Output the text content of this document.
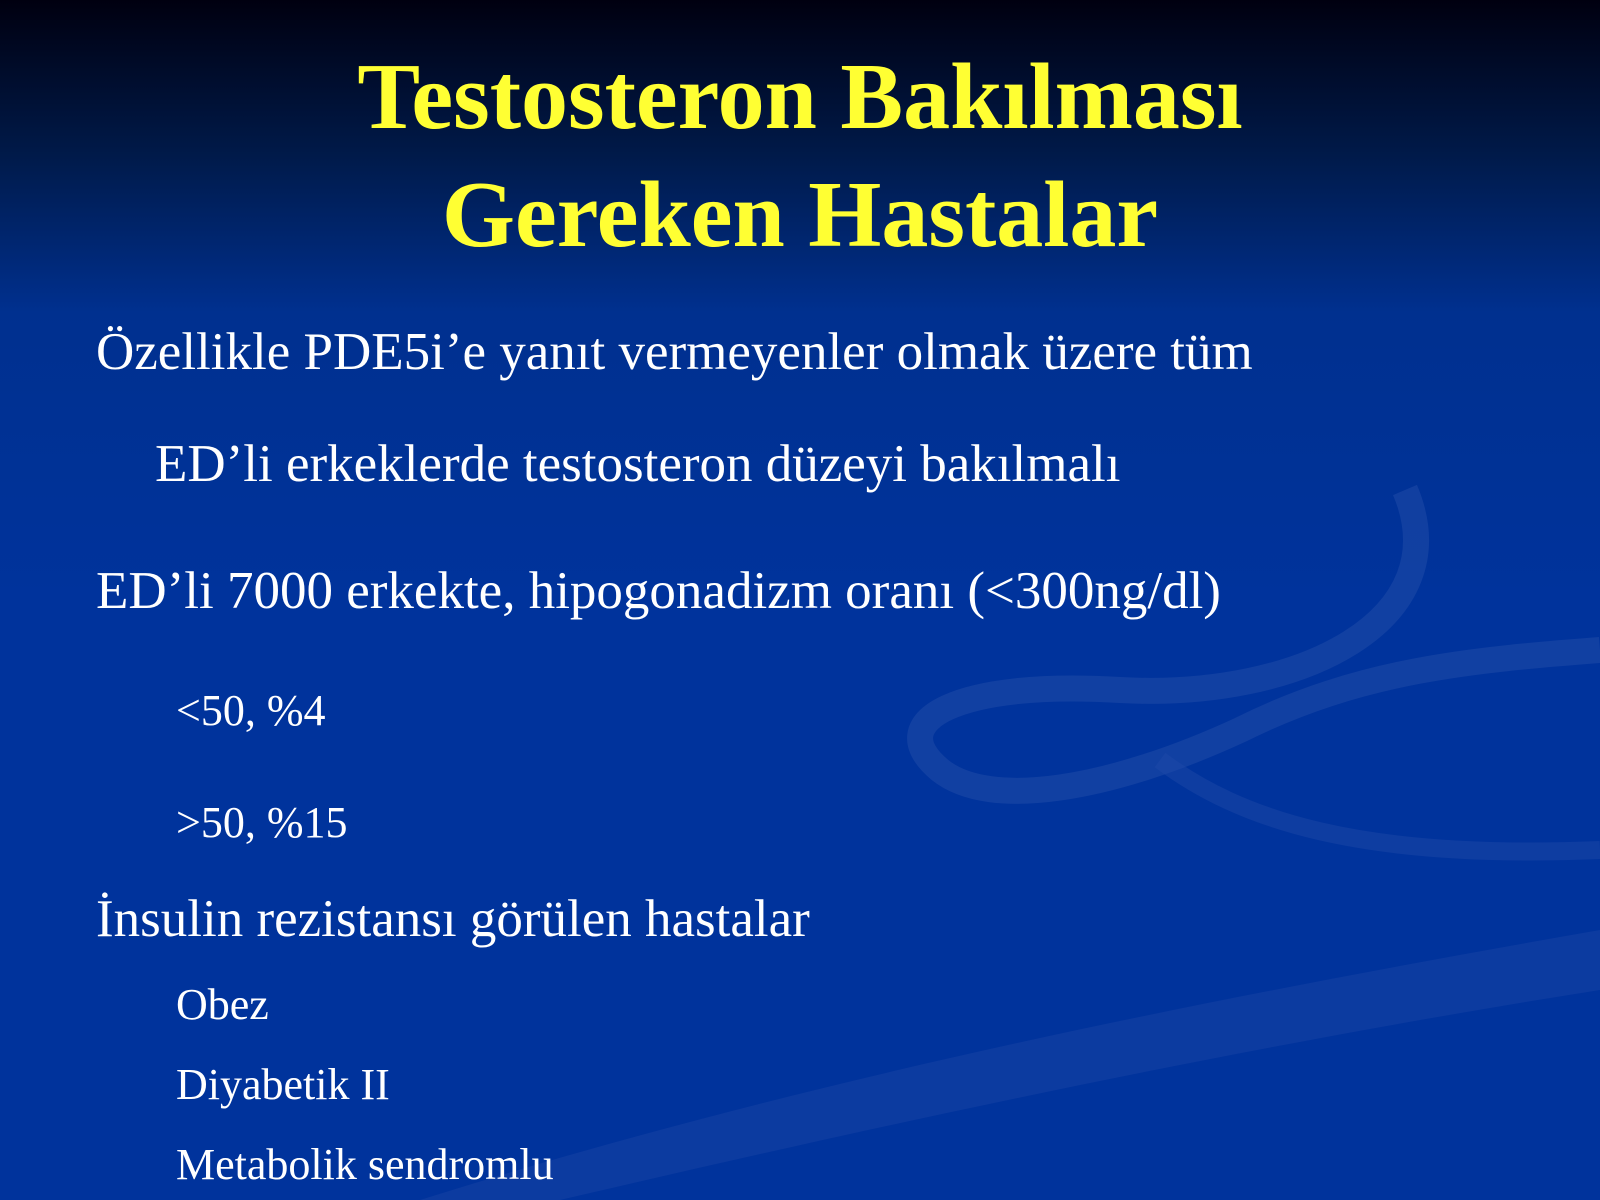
Testosteron Bakılması
Gereken Hastalar
Özellikle PDE5i’e yanıt vermeyenler olmak üzere tüm
ED’li erkeklerde testosteron düzeyi bakılmalı
ED’li 7000 erkekte, hipogonadizm oranı (<300ng/dl)
<50, %4
>50, %15
İnsulin rezistansı görülen hastalar
Obez
Diyabetik II
Metabolik sendromlu
